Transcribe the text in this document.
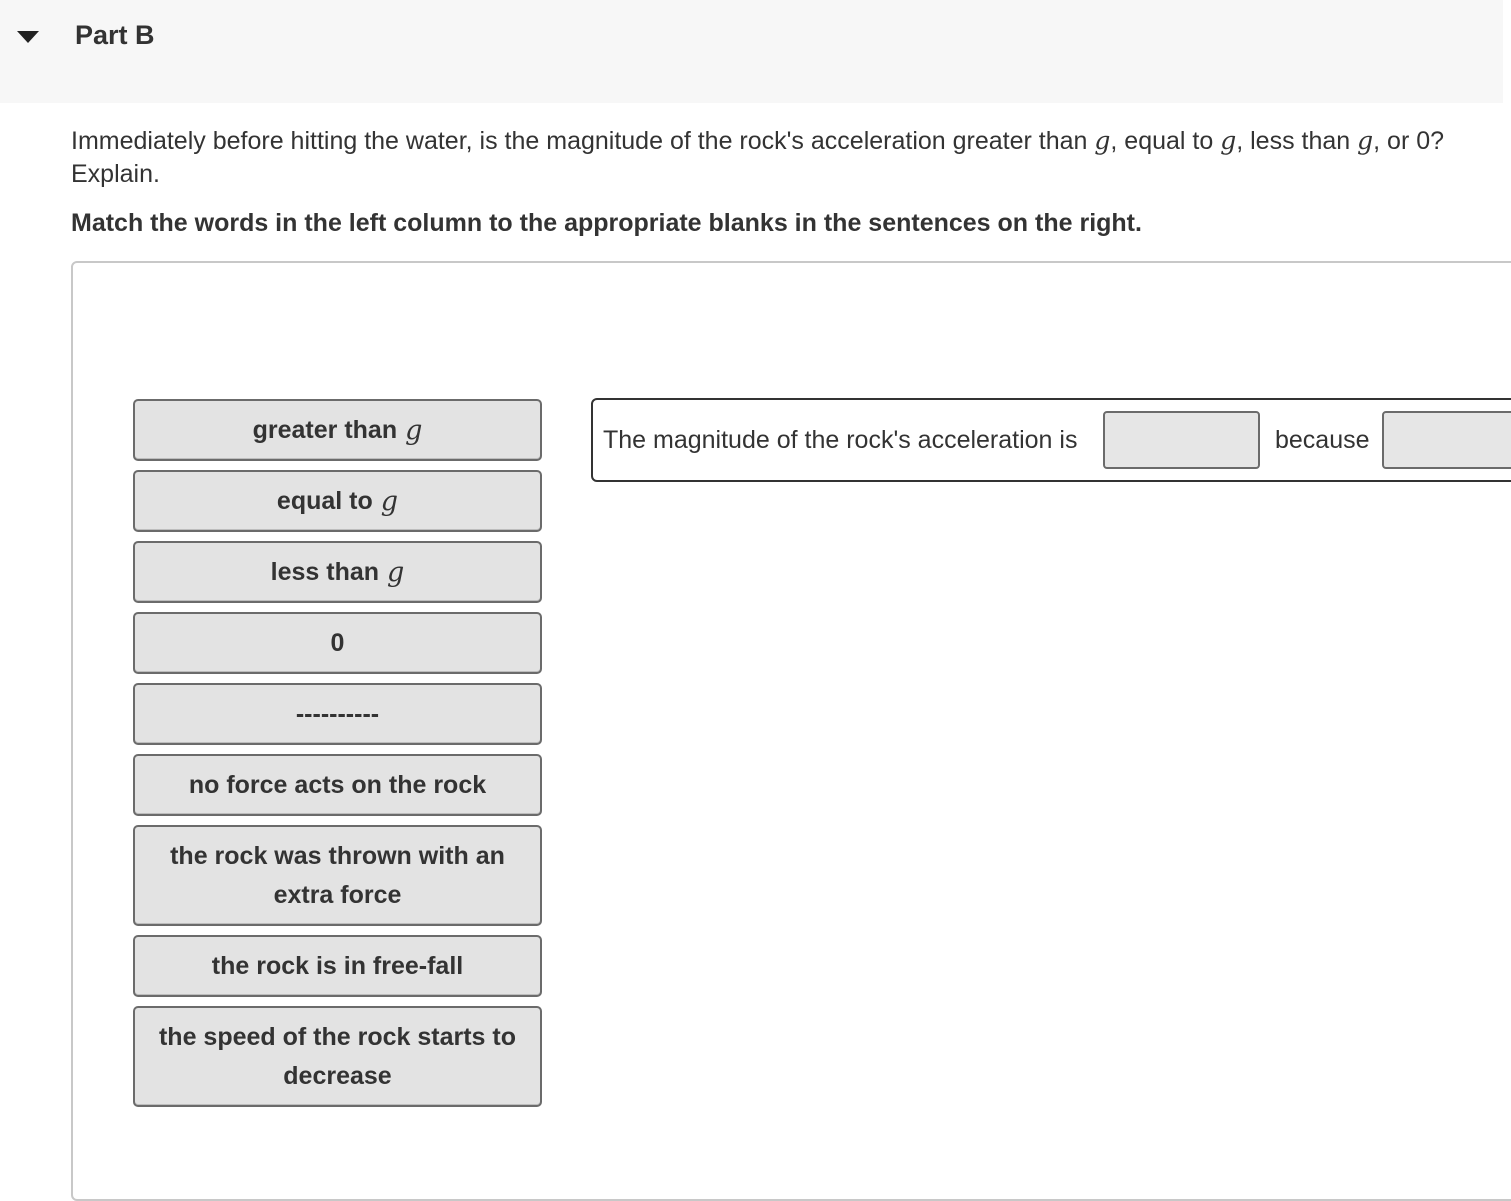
Part B
Immediately before hitting the water, is the magnitude of the rock's acceleration greater than g, equal to g, less than g, or 0? Explain.
Match the words in the left column to the appropriate blanks in the sentences on the right.
greater than g
equal to g
less than g
0
----------
no force acts on the rock
the rock was thrown with an extra force
the rock is in free-fall
the speed of the rock starts to decrease
The magnitude of the rock's acceleration is	because
